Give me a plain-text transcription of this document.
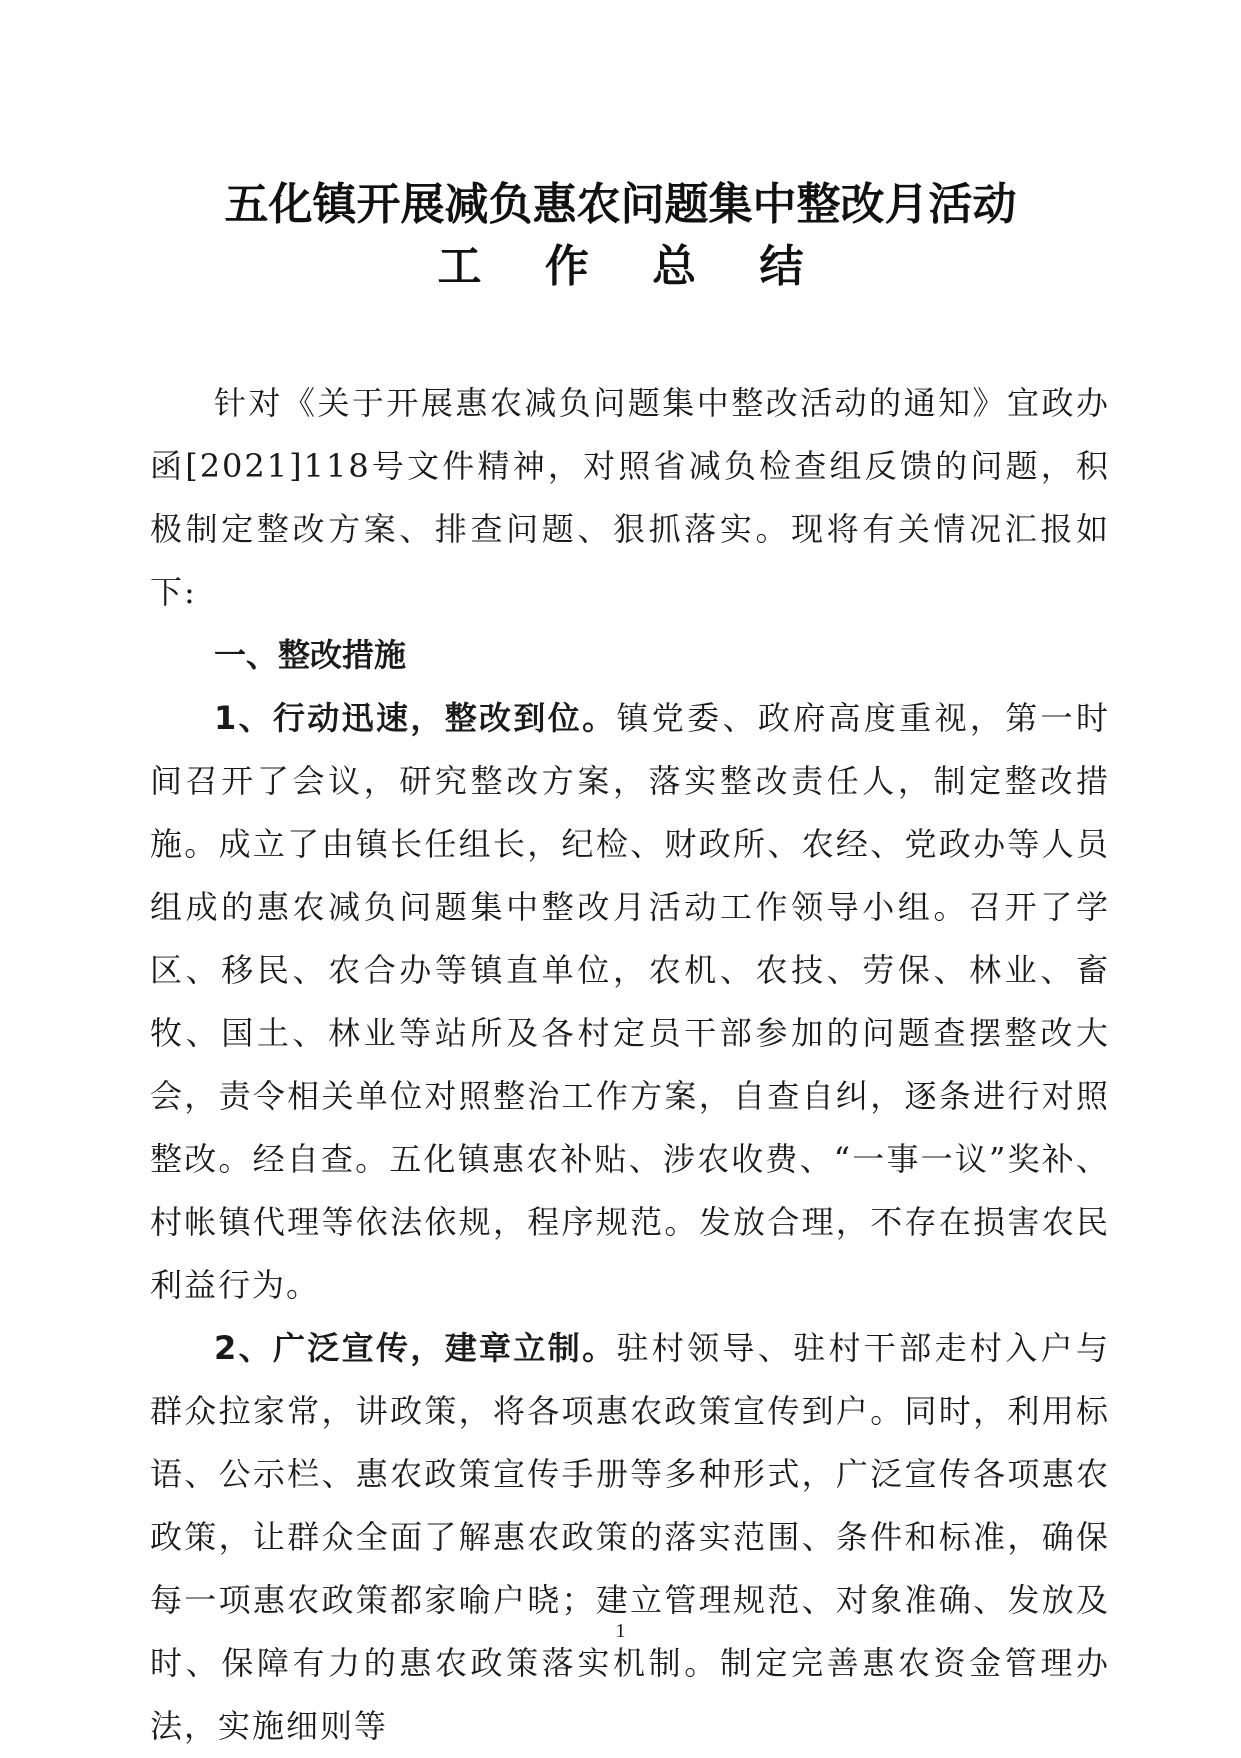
五化镇开展减负惠农问题集中整改月活动
工 作 总 结

针对《关于开展惠农减负问题集中整改活动的通知》宜政办函[2021]118号文件精神，对照省减负检查组反馈的问题，积极制定整改方案、排查问题、狠抓落实。现将有关情况汇报如下:

一、整改措施

1、行动迅速，整改到位。镇党委、政府高度重视，第一时间召开了会议，研究整改方案，落实整改责任人，制定整改措施。成立了由镇长任组长，纪检、财政所、农经、党政办等人员组成的惠农减负问题集中整改月活动工作领导小组。召开了学区、移民、农合办等镇直单位，农机、农技、劳保、林业、畜牧、国土、林业等站所及各村定员干部参加的问题查摆整改大会，责令相关单位对照整治工作方案，自查自纠，逐条进行对照整改。经自查。五化镇惠农补贴、涉农收费、“一事一议”奖补、村帐镇代理等依法依规，程序规范。发放合理，不存在损害农民利益行为。

2、广泛宣传，建章立制。驻村领导、驻村干部走村入户与群众拉家常，讲政策，将各项惠农政策宣传到户。同时，利用标语、公示栏、惠农政策宣传手册等多种形式，广泛宣传各项惠农政策，让群众全面了解惠农政策的落实范围、条件和标准，确保每一项惠农政策都家喻户晓；建立管理规范、对象准确、发放及时、保障有力的惠农政策落实机制。制定完善惠农资金管理办法，实施细则等

1
